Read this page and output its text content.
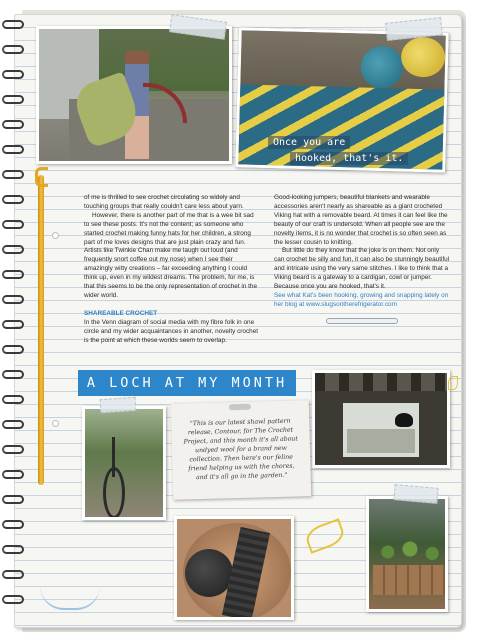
Once you are
hooked, that's it.

of me is thrilled to see crochet circulating so widely and touching groups that really couldn't care less about yarn.

However, there is another part of me that is a wee bit sad to see these posts. It's not the content; as someone who started crochet making funny hats for her children, a strong part of me loves designs that are just plain crazy and fun. Artists like Twinkie Chan make me laugh out loud (and frequently snort coffee out my nose) when I see their amazingly witty creations – far exceeding anything I could think up, even in my wildest dreams. The problem, for me, is that this seems to be the only representation of crochet in the wider world.

SHAREABLE CROCHET

In the Venn diagram of social media with my fibre folk in one circle and my wider acquaintances in another, novelty crochet is the point at which these worlds seem to overlap.

Good-looking jumpers, beautiful blankets and wearable accessories aren't nearly as shareable as a giant crocheted Viking hat with a removable beard. At times it can feel like the beauty of our craft is undersold. When all people see are the novelty items, it is no wonder that crochet is so often seen as the lesser cousin to knitting.

But little do they know that the joke is on them. Not only can crochet be silly and fun, it can also be stunningly beautiful and intricate using the very same stitches. I like to think that a Viking beard is a gateway to a cardigan, cowl or jumper. Because once you are hooked, that's it.

See what Kat's been hooking, growing and snapping lately on her blog at www.slugsontherefrigerator.com

A LOCH AT MY MONTH
"This is our latest shawl pattern release, Contour, for The Crochet Project, and this month it's all about undyed wool for a brand new collection. Then here's our feline friend helping us with the chores, and it's all go in the garden."
